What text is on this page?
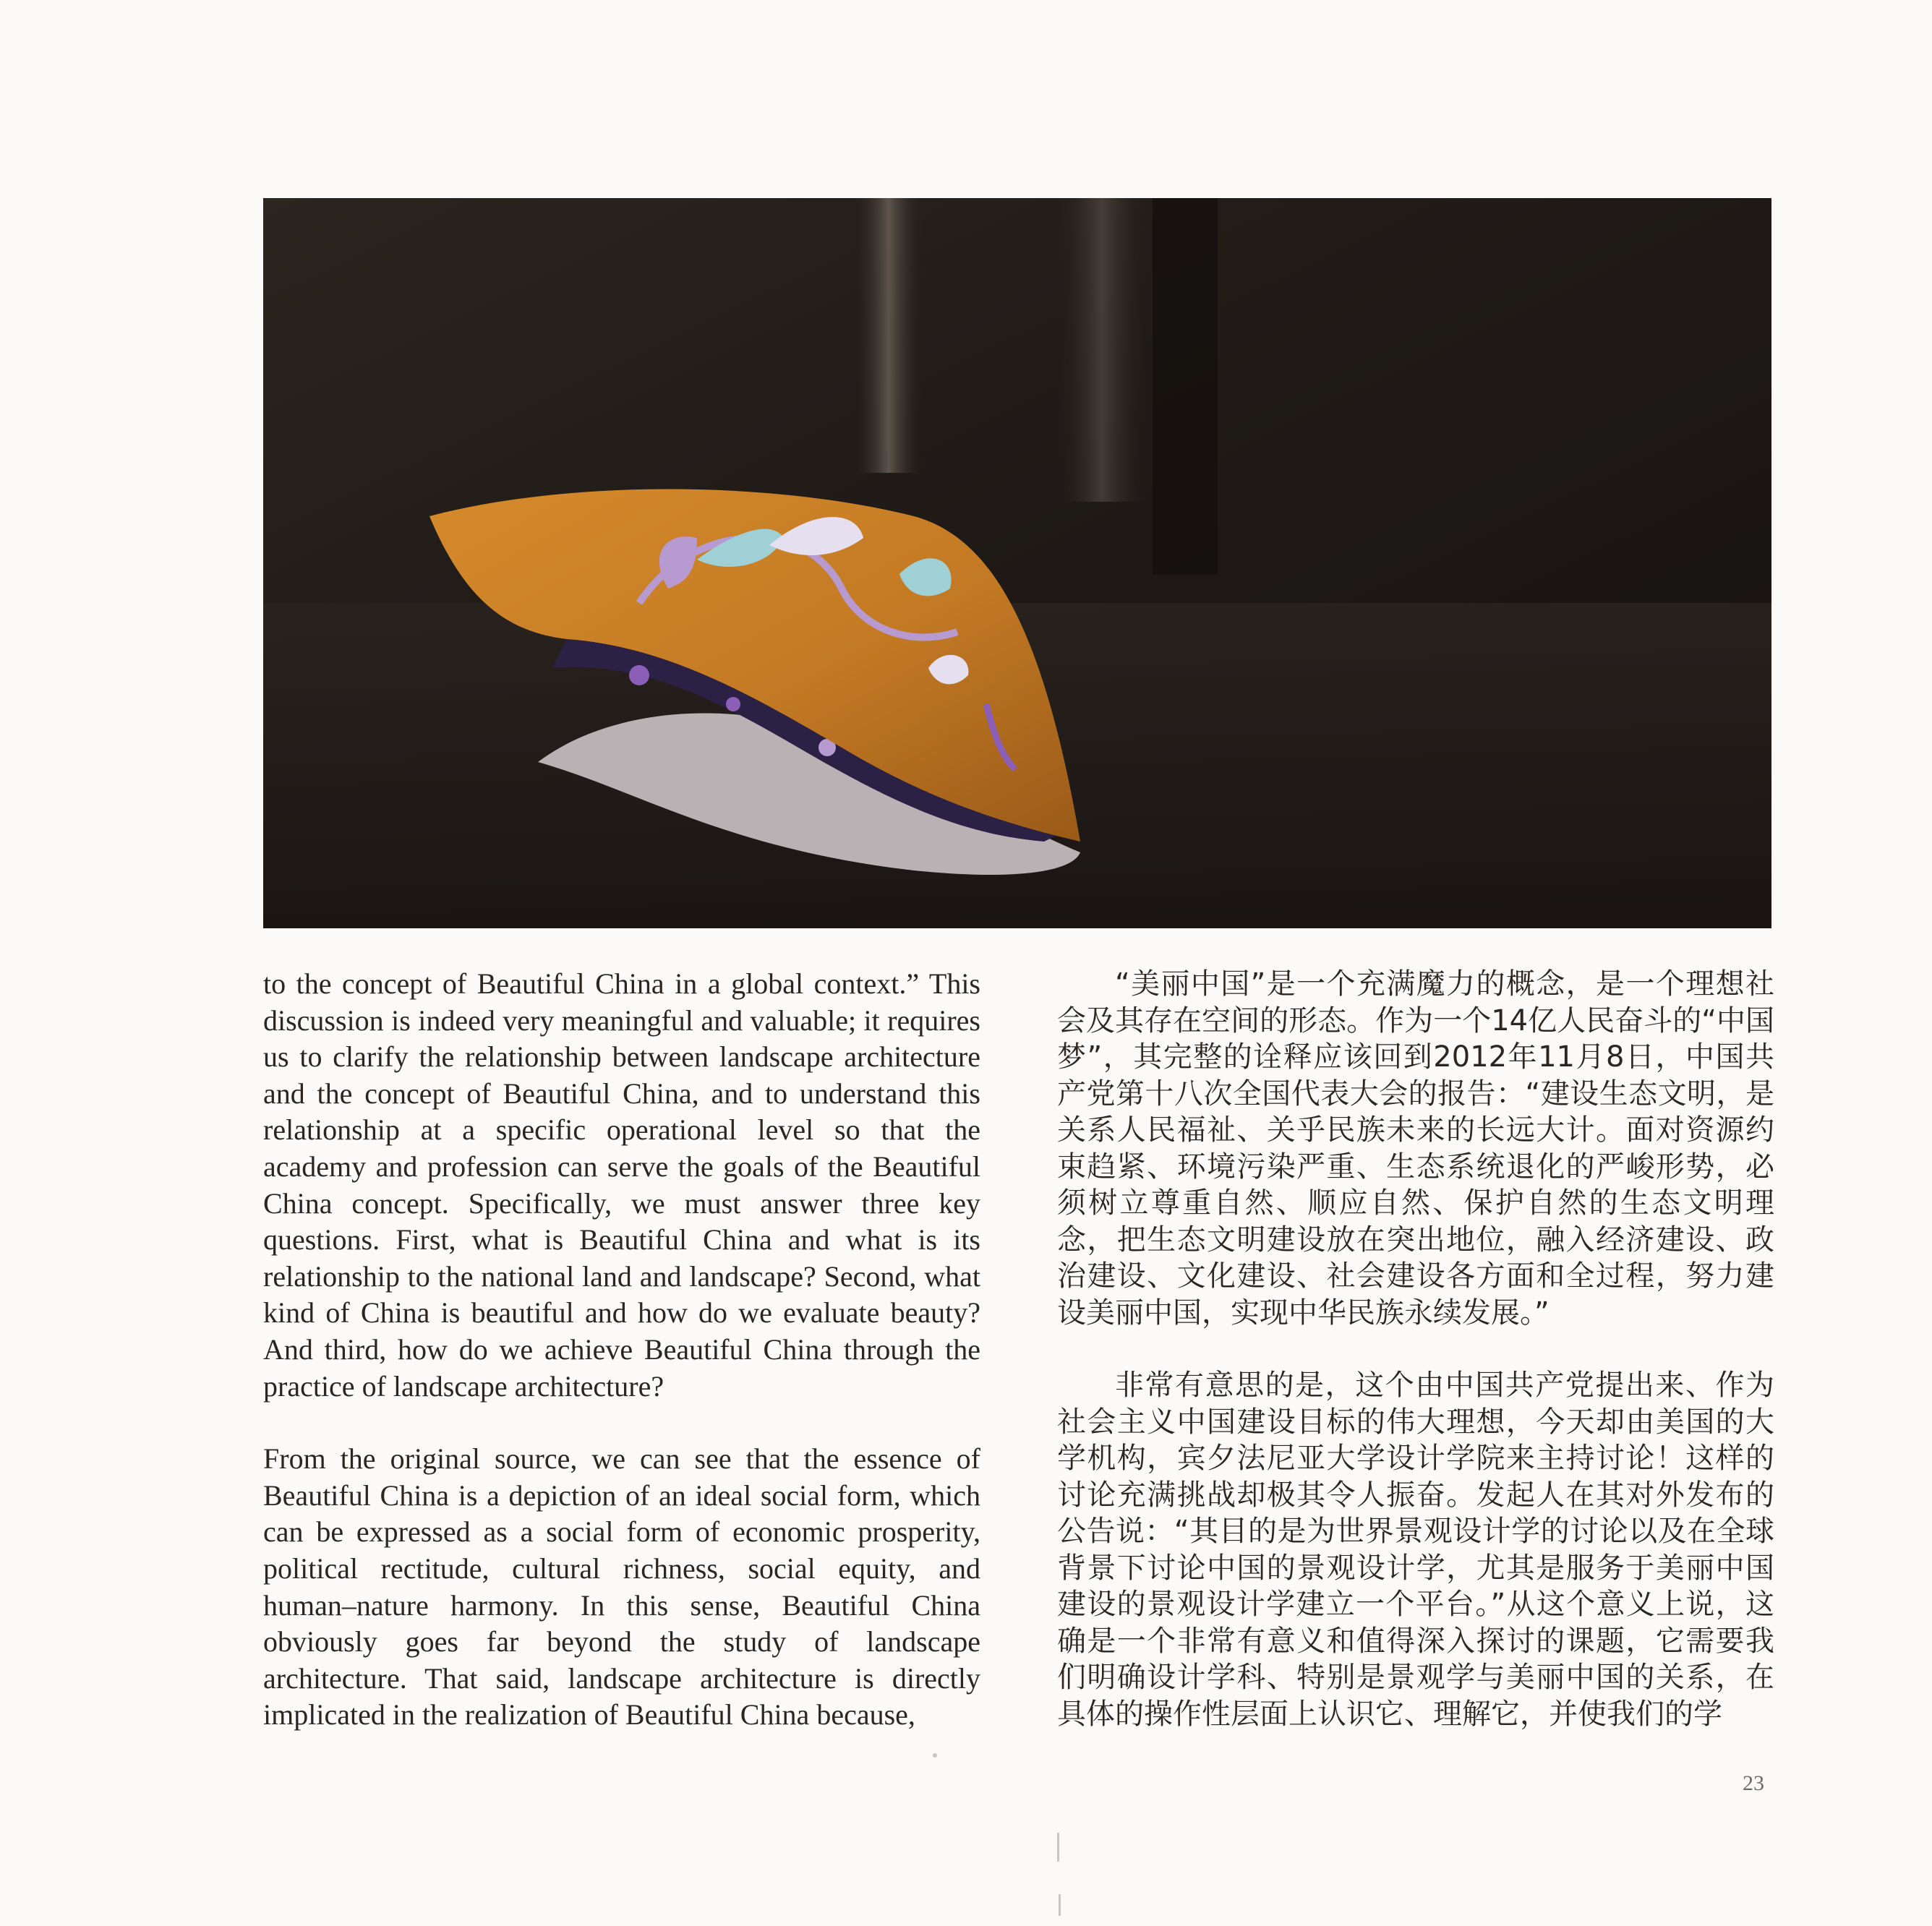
to the concept of Beautiful China in a global context.” This discussion is indeed very meaningful and valuable; it requires us to clarify the relationship between landscape architecture and the concept of Beautiful China, and to understand this relationship at a specific operational level so that the academy and profession can serve the goals of the Beautiful China concept. Specifically, we must answer three key questions. First, what is Beautiful China and what is its relationship to the national land and landscape? Second, what kind of China is beautiful and how do we evaluate beauty? And third, how do we achieve Beautiful China through the practice of landscape architecture?

From the original source, we can see that the essence of Beautiful China is a depiction of an ideal social form, which can be expressed as a social form of economic prosperity, political rectitude, cultural richness, social equity, and human–nature harmony. In this sense, Beautiful China obviously goes far beyond the study of landscape architecture. That said, landscape architecture is directly implicated in the realization of Beautiful China because,

“美丽中国”是一个充满魔力的概念，是一个理想社会及其存在空间的形态。作为一个14亿人民奋斗的“中国梦”，其完整的诠释应该回到2012年11月8日，中国共产党第十八次全国代表大会的报告：“建设生态文明，是关系人民福祉、关乎民族未来的长远大计。面对资源约束趋紧、环境污染严重、生态系统退化的严峻形势，必须树立尊重自然、顺应自然、保护自然的生态文明理念，把生态文明建设放在突出地位，融入经济建设、政治建设、文化建设、社会建设各方面和全过程，努力建设美丽中国，实现中华民族永续发展。”

非常有意思的是，这个由中国共产党提出来、作为社会主义中国建设目标的伟大理想，今天却由美国的大学机构，宾夕法尼亚大学设计学院来主持讨论！这样的讨论充满挑战却极其令人振奋。发起人在其对外发布的公告说：“其目的是为世界景观设计学的讨论以及在全球背景下讨论中国的景观设计学，尤其是服务于美丽中国建设的景观设计学建立一个平台。”从这个意义上说，这确是一个非常有意义和值得深入探讨的课题，它需要我们明确设计学科、特别是景观学与美丽中国的关系，在具体的操作性层面上认识它、理解它，并使我们的学

23
